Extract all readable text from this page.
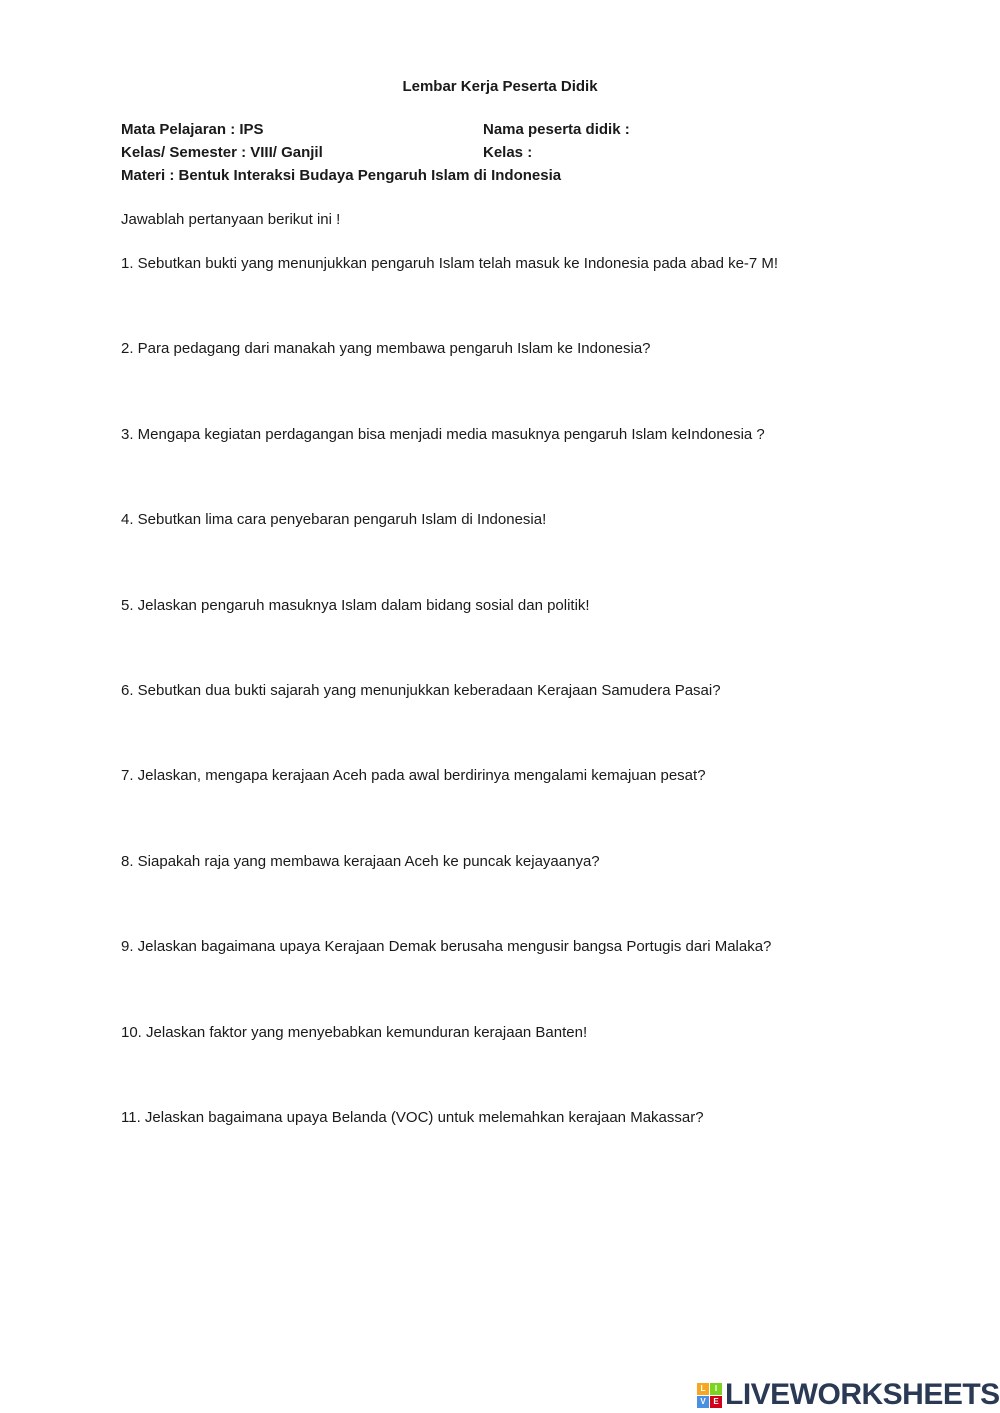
Lembar Kerja Peserta Didik
Mata Pelajaran : IPS	Nama peserta didik :
Kelas/ Semester : VIII/ Ganjil	Kelas :
Materi : Bentuk Interaksi Budaya Pengaruh Islam di Indonesia
Jawablah pertanyaan berikut ini !
1. Sebutkan bukti yang menunjukkan pengaruh Islam telah masuk ke Indonesia pada abad ke-7 M!
2. Para pedagang dari manakah yang membawa pengaruh Islam ke Indonesia?
3. Mengapa kegiatan perdagangan bisa menjadi media masuknya pengaruh Islam keIndonesia ?
4. Sebutkan lima cara penyebaran pengaruh Islam di Indonesia!
5. Jelaskan pengaruh masuknya Islam dalam bidang sosial dan politik!
6. Sebutkan dua bukti sajarah yang menunjukkan keberadaan Kerajaan Samudera Pasai?
7. Jelaskan, mengapa kerajaan Aceh pada awal berdirinya mengalami kemajuan pesat?
8. Siapakah raja yang membawa kerajaan Aceh ke puncak kejayaanya?
9. Jelaskan bagaimana upaya Kerajaan Demak berusaha mengusir bangsa Portugis dari Malaka?
10. Jelaskan faktor yang menyebabkan kemunduran kerajaan Banten!
11. Jelaskan bagaimana upaya Belanda (VOC) untuk melemahkan kerajaan Makassar?
L	I
V E LIVEWORKSHEETS
